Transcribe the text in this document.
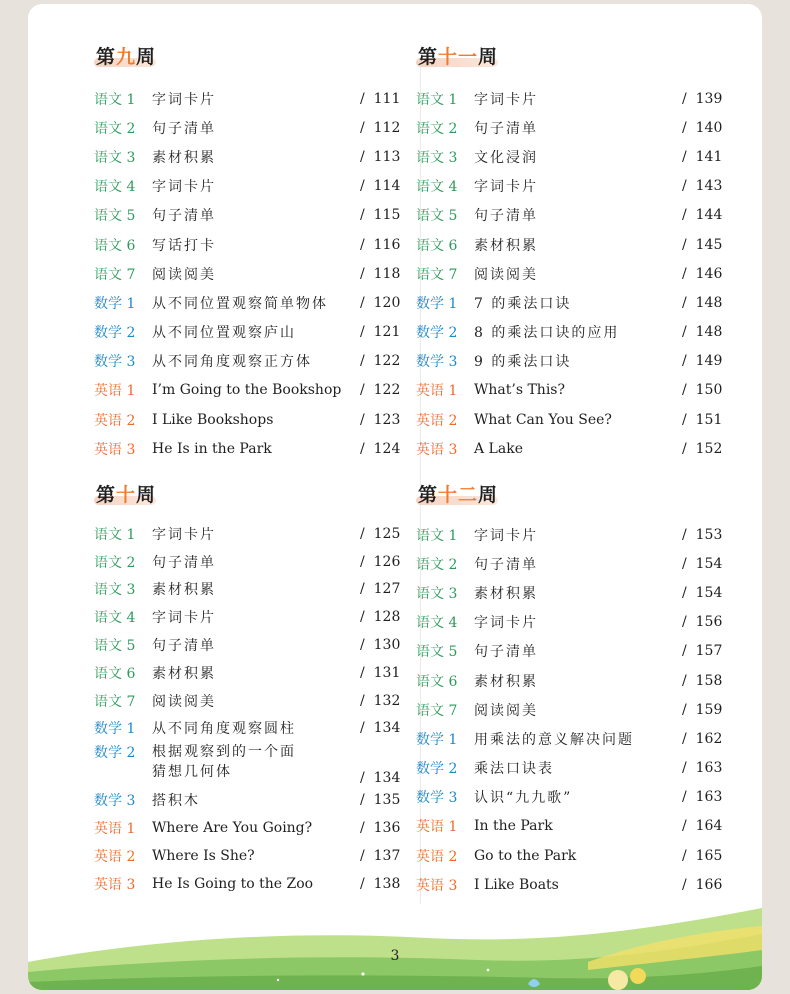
第九周
语文 1	字词卡片	/  111
语文 2	句子清单	/  112
语文 3	素材积累	/  113
语文 4	字词卡片	/  114
语文 5	句子清单	/  115
语文 6	写话打卡	/  116
语文 7	阅读阅美	/  118
数学 1	从不同位置观察简单物体	/  120
数学 2	从不同位置观察庐山	/  121
数学 3	从不同角度观察正方体	/  122
英语 1	I’m Going to the Bookshop	/  122
英语 2	I Like Bookshops	/  123
英语 3	He Is in the Park	/  124
第十一周
语文 1	字词卡片	/  139
语文 2	句子清单	/  140
语文 3	文化浸润	/  141
语文 4	字词卡片	/  143
语文 5	句子清单	/  144
语文 6	素材积累	/  145
语文 7	阅读阅美	/  146
数学 1	7 的乘法口诀	/  148
数学 2	8 的乘法口诀的应用	/  148
数学 3	9 的乘法口诀	/  149
英语 1	What’s This?	/  150
英语 2	What Can You See?	/  151
英语 3	A Lake	/  152
第十周
语文 1	字词卡片	/  125
语文 2	句子清单	/  126
语文 3	素材积累	/  127
语文 4	字词卡片	/  128
语文 5	句子清单	/  130
语文 6	素材积累	/  131
语文 7	阅读阅美	/  132
数学 1	从不同角度观察圆柱	/  134
数学 2	根据观察到的一个面
猜想几何体	/  134
数学 3	搭积木	/  135
英语 1	Where Are You Going?	/  136
英语 2	Where Is She?	/  137
英语 3	He Is Going to the Zoo	/  138
第十二周
语文 1	字词卡片	/  153
语文 2	句子清单	/  154
语文 3	素材积累	/  154
语文 4	字词卡片	/  156
语文 5	句子清单	/  157
语文 6	素材积累	/  158
语文 7	阅读阅美	/  159
数学 1	用乘法的意义解决问题	/  162
数学 2	乘法口诀表	/  163
数学 3	认识“九九歌”	/  163
英语 1	In the Park	/  164
英语 2	Go to the Park	/  165
英语 3	I Like Boats	/  166
3
